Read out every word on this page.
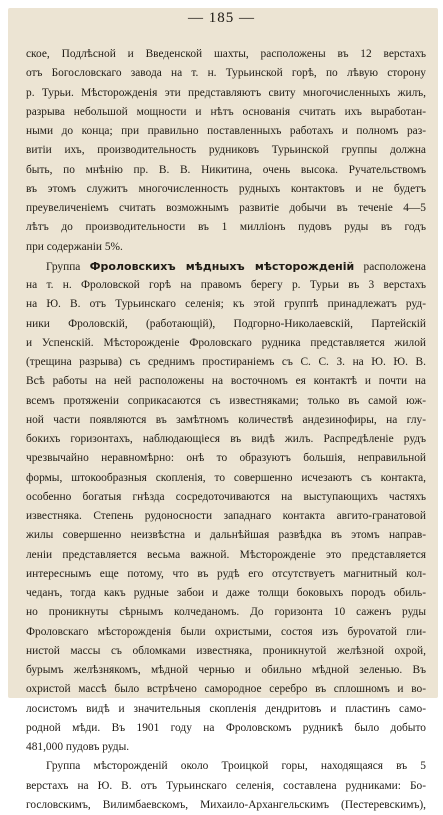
— 185 —
ское, Подлѣсной и Введенской шахты, расположены въ 12 верстахъ
отъ Богословскаго завода на т. н. Турьинской горѣ, по лѣвую сторону
р. Турьи. Мѣсторожденія эти представляютъ свиту многочисленныхъ жилъ,
разрыва небольшой мощности и нѣтъ основанія считать ихъ выработан-
ными до конца; при правильно поставленныхъ работахъ и полномъ раз-
витіи ихъ, производительность рудниковъ Турьинской группы должна
быть, по мнѣнію пр. В. В. Никитина, очень высока. Ручательствомъ
въ этомъ служитъ многочисленность рудныхъ контактовъ и не будетъ
преувеличеніемъ считать возможнымъ развитіе добычи въ теченіе 4—5
лѣтъ до производительности въ 1 милліонъ пудовъ руды въ годъ
при содержаніи 5%.
Группа Фроловскихъ мѣдныхъ мѣсторожденій расположена
на т. н. Фроловской горѣ на правомъ берегу р. Турьи въ 3 верстахъ
на Ю. В. отъ Турьинскаго селенія; къ этой группѣ принадлежатъ руд-
ники Фроловскій, (работающій), Подгорно-Николаевскій, Партейскій
и Успенскій. Мѣсторожденіе Фроловскаго рудника представляется жилой
(трещина разрыва) съ среднимъ простираніемъ съ С. С. З. на Ю. Ю. В.
Всѣ работы на ней расположены на восточномъ ея контактѣ и почти на
всемъ протяженіи соприкасаются съ известняками; только въ самой юж-
ной части появляются въ замѣтномъ количествѣ андезинофиры, на глу-
бокихъ горизонтахъ, наблюдающіеся въ видѣ жилъ. Распредѣленіе рудъ
чрезвычайно неравномѣрно: онѣ то образуютъ большія, неправильной
формы, штокообразныя скопленія, то совершенно исчезаютъ съ контакта,
особенно богатыя гнѣзда сосредоточиваются на выступающихъ частяхъ
известняка. Степень рудоносности западнаго контакта авгито-гранатовой
жилы совершенно неизвѣстна и дальнѣйшая развѣдка въ этомъ направ-
леніи представляется весьма важной. Мѣсторожденіе это представляется
интереснымъ еще потому, что въ рудѣ его отсутствуетъ магнитный кол-
чеданъ, тогда какъ рудные забои и даже толщи боковыхъ породъ обиль-
но проникнуты сѣрнымъ колчеданомъ. До горизонта 10 саженъ руды
Фроловскаго мѣсторожденія были охристыми, состоя изъ бурovатой гли-
нистой массы съ обломками известняка, проникнутой желѣзной охрой,
бурымъ желѣзнякомъ, мѣдной чернью и обильно мѣдной зеленью. Въ
охристой массѣ было встрѣчено самородное серебро въ сплошномъ и во-
лосистомъ видѣ и значительныя скопленія дендритовъ и пластинъ само-
родной мѣди. Въ 1901 году на Фроловскомъ рудникѣ было добыто
481,000 пудовъ руды.
Группа мѣсторожденій около Троицкой горы, находящаяся въ 5
верстахъ на Ю. В. отъ Турьинскаго селенія, составлена рудниками: Бо-
гословскимъ, Вилимбаевскомъ, Михаило-Архангельскимъ (Пестеревскимъ),
